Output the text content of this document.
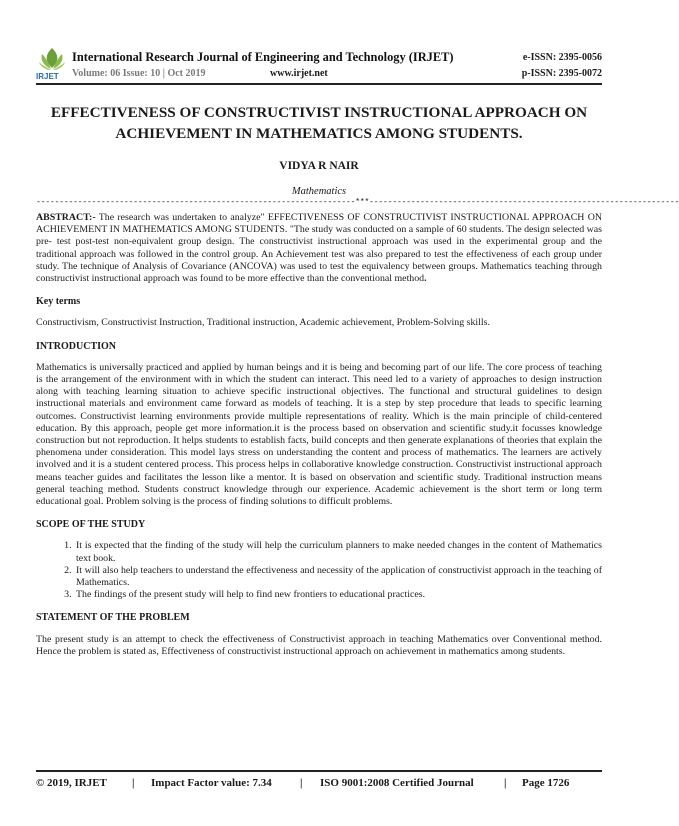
IRJET
International Research Journal of Engineering and Technology (IRJET)
Volume: 06 Issue: 10 | Oct 2019	www.irjet.net
e-ISSN: 2395-0056
p-ISSN: 2395-0072
EFFECTIVENESS OF CONSTRUCTIVIST INSTRUCTIONAL APPROACH ON ACHIEVEMENT IN MATHEMATICS AMONG STUDENTS.
VIDYA R NAIR
Mathematics
---------------------------------------------------------------------***-------------------------------------------------------------------

ABSTRACT:- The research was undertaken to analyze" EFFECTIVENESS OF CONSTRUCTIVIST INSTRUCTIONAL APPROACH ON ACHIEVEMENT IN MATHEMATICS AMONG STUDENTS. "The study was conducted on a sample of 60 students. The design selected was pre- test post-test non-equivalent group design. The constructivist instructional approach was used in the experimental group and the traditional approach was followed in the control group. An Achievement test was also prepared to test the effectiveness of each group under study. The technique of Analysis of Covariance (ANCOVA) was used to test the equivalency between groups. Mathematics teaching through constructivist instructional approach was found to be more effective than the conventional method.

Key terms

Constructivism, Constructivist Instruction, Traditional instruction, Academic achievement, Problem-Solving skills.

INTRODUCTION

Mathematics is universally practiced and applied by human beings and it is being and becoming part of our life. The core process of teaching is the arrangement of the environment with in which the student can interact. This need led to a variety of approaches to design instruction along with teaching learning situation to achieve specific instructional objectives. The functional and structural guidelines to design instructional materials and environment came forward as models of teaching. It is a step by step procedure that leads to specific learning outcomes. Constructivist learning environments provide multiple representations of reality. Which is the main principle of child-centered education. By this approach, people get more information.it is the process based on observation and scientific study.it focusses knowledge construction but not reproduction. It helps students to establish facts, build concepts and then generate explanations of theories that explain the phenomena under consideration. This model lays stress on understanding the content and process of mathematics. The learners are actively involved and it is a student centered process. This process helps in collaborative knowledge construction. Constructivist instructional approach means teacher guides and facilitates the lesson like a mentor. It is based on observation and scientific study. Traditional instruction means general teaching method. Students construct knowledge through our experience. Academic achievement is the short term or long term educational goal. Problem solving is the process of finding solutions to difficult problems.

SCOPE OF THE STUDY

1. It is expected that the finding of the study will help the curriculum planners to make needed changes in the content of Mathematics text book.
2. It will also help teachers to understand the effectiveness and necessity of the application of constructivist approach in the teaching of Mathematics.
3. The findings of the present study will help to find new frontiers to educational practices.

STATEMENT OF THE PROBLEM

The present study is an attempt to check the effectiveness of Constructivist approach in teaching Mathematics over Conventional method. Hence the problem is stated as, Effectiveness of constructivist instructional approach on achievement in mathematics among students.

© 2019, IRJET | Impact Factor value: 7.34	| ISO 9001:2008 Certified Journal	| Page 1726
